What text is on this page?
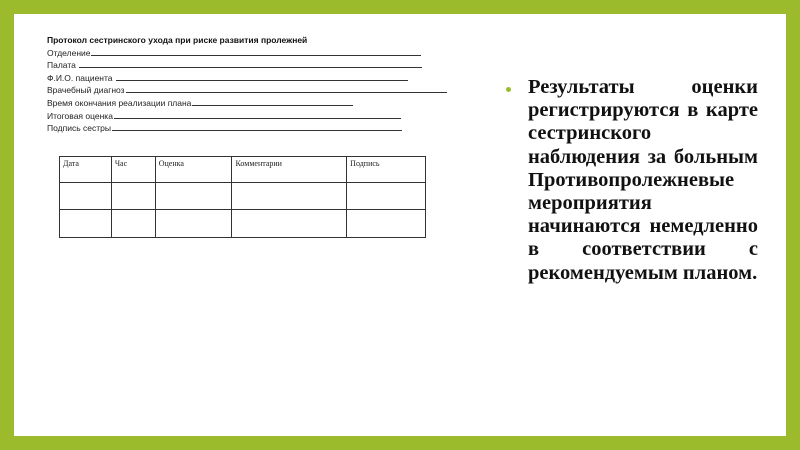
Протокол сестринского ухода при риске развития пролежней
Отделение
Палата
Ф.И.О. пациента
Врачебный диагноз
Время окончания реализации плана
Итоговая оценка
Подпись сестры
Дата	Час	Оценка	Комментарии	Подпись

Результаты оценки регистрируются в карте сестринского наблюдения за больным Противопролежневые мероприятия начинаются немедленно в соответствии с рекомендуемым планом.
